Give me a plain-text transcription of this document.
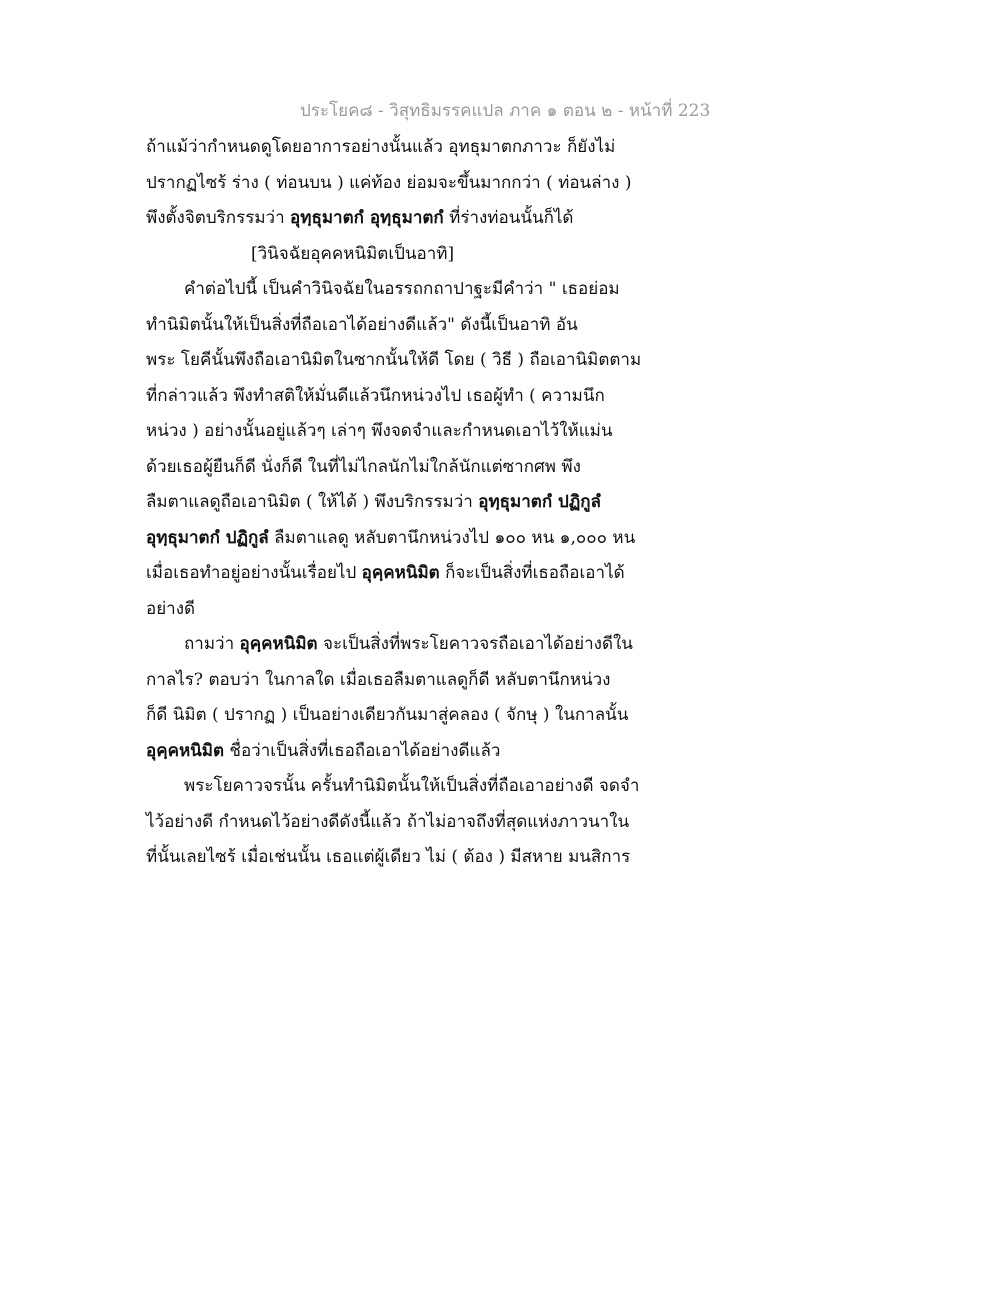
ประโยค๘ - วิสุทธิมรรคแปล ภาค ๑ ตอน ๒ - หน้าที่ 223
ถ้าแม้ว่ากำหนดดูโดยอาการอย่างนั้นแล้ว อุทธุมาตกภาวะ ก็ยังไม่
ปรากฏไซร้ ร่าง ( ท่อนบน ) แค่ท้อง ย่อมจะขึ้นมากกว่า ( ท่อนล่าง )
พึงตั้งจิตบริกรรมว่า อุทฺธุมาตกํ อุทฺธุมาตกํ ที่ร่างท่อนนั้นก็ได้
[วินิจฉัยอุคคหนิมิตเป็นอาทิ]
คำต่อไปนี้ เป็นคำวินิจฉัยในอรรถกถาปาฐะมีคำว่า " เธอย่อม
ทำนิมิตนั้นให้เป็นสิ่งที่ถือเอาได้อย่างดีแล้ว" ดังนี้เป็นอาทิ อัน
พระ โยคีนั้นพึงถือเอานิมิตในซากนั้นให้ดี โดย ( วิธี ) ถือเอานิมิตตาม
ที่กล่าวแล้ว พึงทำสติให้มั่นดีแล้วนึกหน่วงไป เธอผู้ทำ ( ความนึก
หน่วง ) อย่างนั้นอยู่แล้วๆ เล่าๆ พึงจดจำและกำหนดเอาไว้ให้แม่น
ด้วยเธอผู้ยืนก็ดี นั่งก็ดี ในที่ไม่ไกลนักไม่ใกล้นักแต่ซากศพ พึง
ลืมตาแลดูถือเอานิมิต ( ให้ได้ ) พึงบริกรรมว่า อุทฺธุมาตกํ ปฏิกูลํ
อุทฺธุมาตกํ ปฏิกูลํ ลืมตาแลดู หลับตานึกหน่วงไป ๑๐๐ หน ๑,๐๐๐ หน
เมื่อเธอทำอยู่อย่างนั้นเรื่อยไป อุคฺคหนิมิต ก็จะเป็นสิ่งที่เธอถือเอาได้
อย่างดี
ถามว่า อุคฺคหนิมิต จะเป็นสิ่งที่พระโยคาวจรถือเอาได้อย่างดีใน
กาลไร? ตอบว่า ในกาลใด เมื่อเธอลืมตาแลดูก็ดี หลับตานึกหน่วง
ก็ดี นิมิต ( ปรากฏ ) เป็นอย่างเดียวกันมาสู่คลอง ( จักษุ ) ในกาลนั้น
อุคฺคหนิมิต ชื่อว่าเป็นสิ่งที่เธอถือเอาได้อย่างดีแล้ว
พระโยคาวจรนั้น ครั้นทำนิมิตนั้นให้เป็นสิ่งที่ถือเอาอย่างดี จดจำ
ไว้อย่างดี กำหนดไว้อย่างดีดังนี้แล้ว ถ้าไม่อาจถึงที่สุดแห่งภาวนาใน
ที่นั้นเลยไซร้ เมื่อเช่นนั้น เธอแต่ผู้เดียว ไม่ ( ต้อง ) มีสหาย มนสิการ
